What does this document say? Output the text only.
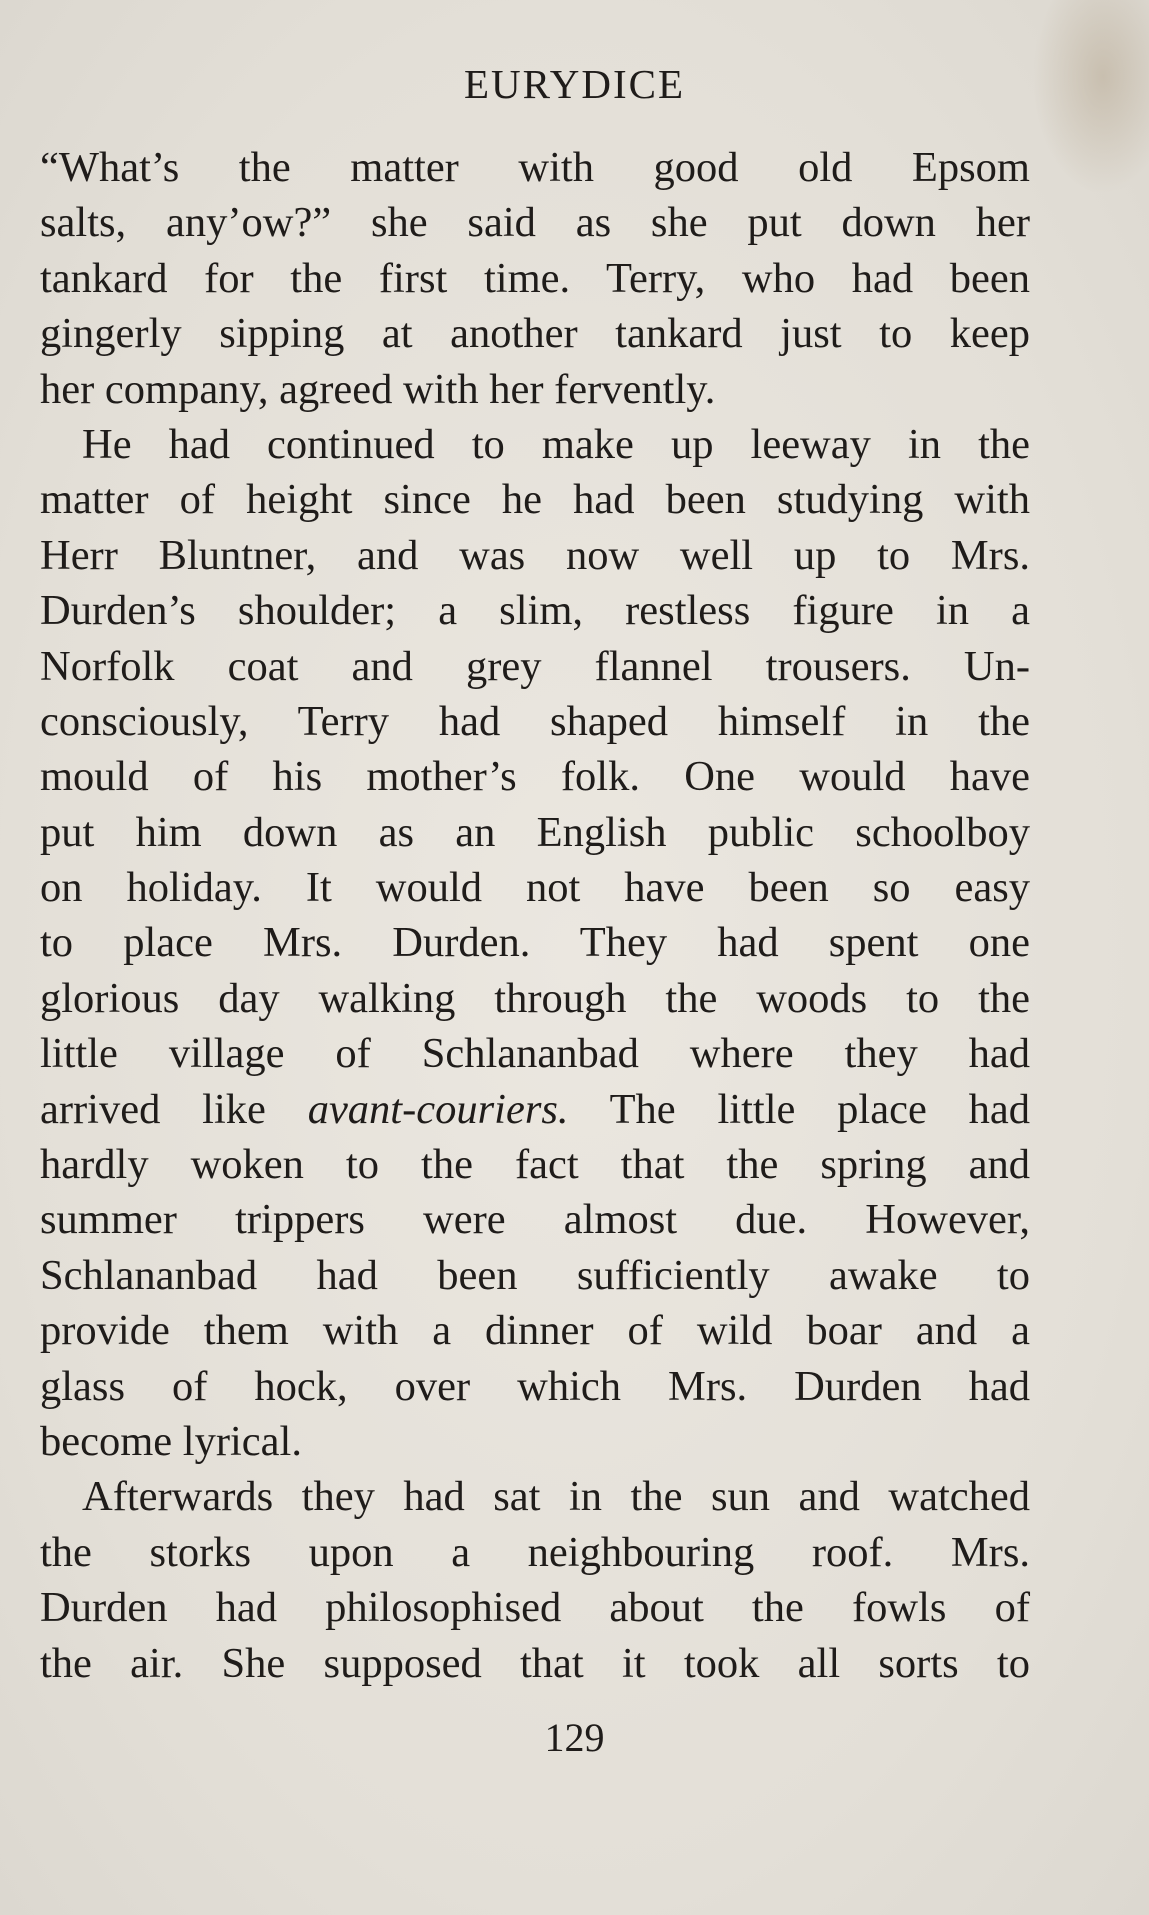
EURYDICE

“What’s the matter with good old Epsom
salts, any’ow?” she said as she put down her
tankard for the first time. Terry, who had been
gingerly sipping at another tankard just to keep
her company, agreed with her fervently.

He had continued to make up leeway in the
matter of height since he had been studying with
Herr Bluntner, and was now well up to Mrs.
Durden’s shoulder; a slim, restless figure in a
Norfolk coat and grey flannel trousers. Un-
consciously, Terry had shaped himself in the
mould of his mother’s folk. One would have
put him down as an English public schoolboy
on holiday. It would not have been so easy
to place Mrs. Durden. They had spent one
glorious day walking through the woods to the
little village of Schlananbad where they had
arrived like avant-couriers. The little place had
hardly woken to the fact that the spring and
summer trippers were almost due. However,
Schlananbad had been sufficiently awake to
provide them with a dinner of wild boar and a
glass of hock, over which Mrs. Durden had
become lyrical.

Afterwards they had sat in the sun and watched
the storks upon a neighbouring roof. Mrs.
Durden had philosophised about the fowls of
the air. She supposed that it took all sorts to

129
